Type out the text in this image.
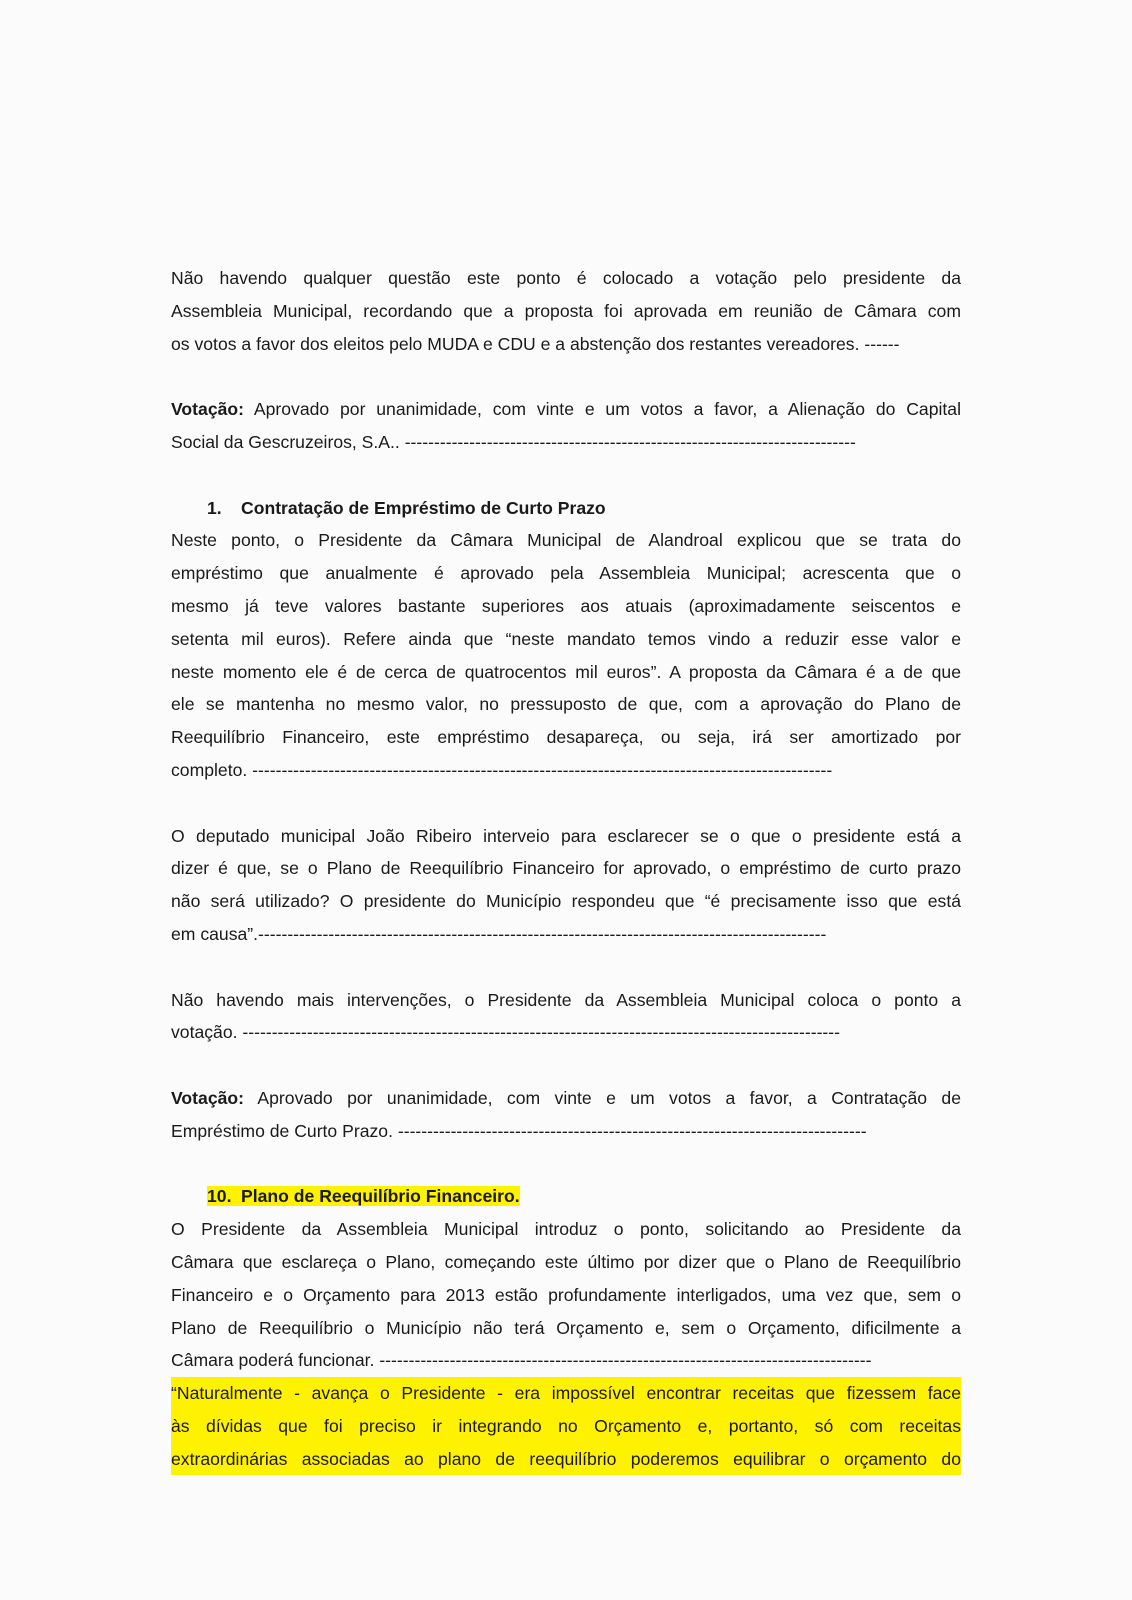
Não havendo qualquer questão este ponto é colocado a votação pelo presidente da
Assembleia Municipal, recordando que a proposta foi aprovada em reunião de Câmara com
os votos a favor dos eleitos pelo MUDA e CDU e a abstenção dos restantes vereadores. ------
Votação: Aprovado por unanimidade, com vinte e um votos a favor, a Alienação do Capital
Social da Gescruzeiros, S.A.. -----------------------------------------------------------------------------
1. Contratação de Empréstimo de Curto Prazo
Neste ponto, o Presidente da Câmara Municipal de Alandroal explicou que se trata do
empréstimo que anualmente é aprovado pela Assembleia Municipal; acrescenta que o
mesmo já teve valores bastante superiores aos atuais (aproximadamente seiscentos e
setenta mil euros). Refere ainda que “neste mandato temos vindo a reduzir esse valor e
neste momento ele é de cerca de quatrocentos mil euros”. A proposta da Câmara é a de que
ele se mantenha no mesmo valor, no pressuposto de que, com a aprovação do Plano de
Reequilíbrio Financeiro, este empréstimo desapareça, ou seja, irá ser amortizado por
completo. ---------------------------------------------------------------------------------------------------
O deputado municipal João Ribeiro interveio para esclarecer se o que o presidente está a
dizer é que, se o Plano de Reequilíbrio Financeiro for aprovado, o empréstimo de curto prazo
não será utilizado? O presidente do Município respondeu que “é precisamente isso que está
em causa”.-------------------------------------------------------------------------------------------------
Não havendo mais intervenções, o Presidente da Assembleia Municipal coloca o ponto a
votação. ------------------------------------------------------------------------------------------------------
Votação: Aprovado por unanimidade, com vinte e um votos a favor, a Contratação de
Empréstimo de Curto Prazo. --------------------------------------------------------------------------------
10. Plano de Reequilíbrio Financeiro.
O Presidente da Assembleia Municipal introduz o ponto, solicitando ao Presidente da
Câmara que esclareça o Plano, começando este último por dizer que o Plano de Reequilíbrio
Financeiro e o Orçamento para 2013 estão profundamente interligados, uma vez que, sem o
Plano de Reequilíbrio o Município não terá Orçamento e, sem o Orçamento, dificilmente a
Câmara poderá funcionar. ------------------------------------------------------------------------------------
“Naturalmente - avança o Presidente - era impossível encontrar receitas que fizessem face
às dívidas que foi preciso ir integrando no Orçamento e, portanto, só com receitas
extraordinárias associadas ao plano de reequilíbrio poderemos equilibrar o orçamento do
